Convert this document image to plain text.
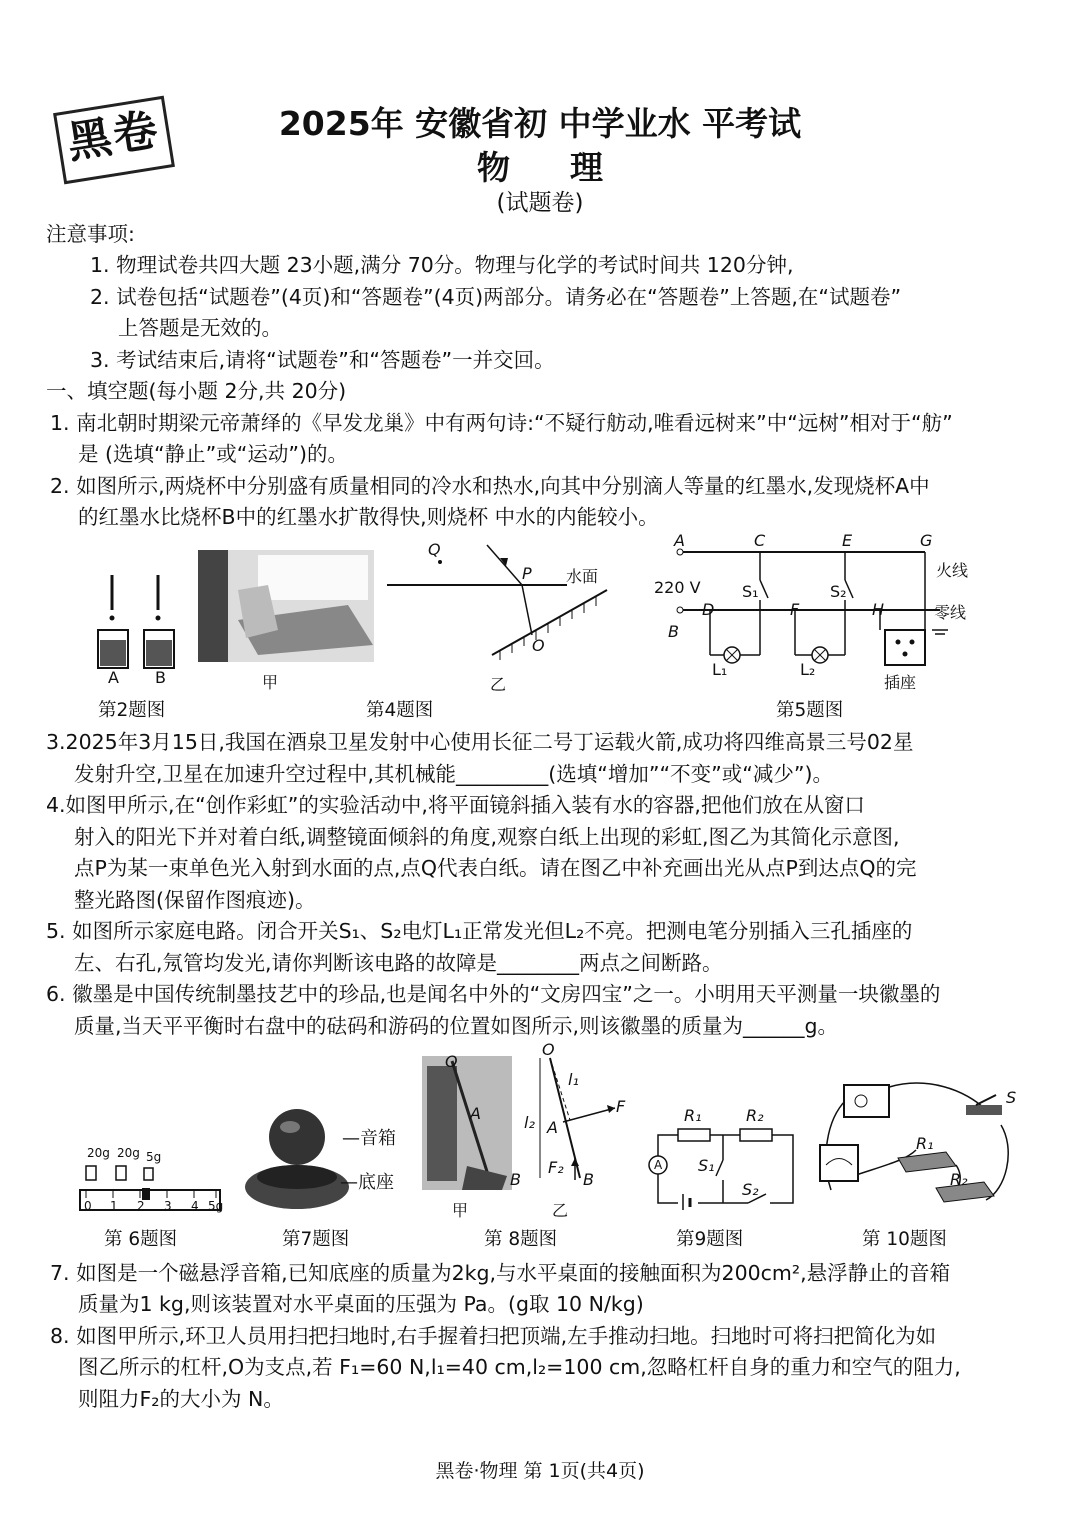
黑卷	2025年 安徽省初 中学业水 平考试
物理
(试题卷)
注意事项:
1. 物理试卷共四大题 23小题,满分 70分。物理与化学的考试时间共 120分钟,
2. 试卷包括“试题卷”(4页)和“答题卷”(4页)两部分。请务必在“答题卷”上答题,在“试题卷”
上答题是无效的。
3. 考试结束后,请将“试题卷”和“答题卷”一并交回。
一、填空题(每小题 2分,共 20分)
1. 南北朝时期梁元帝萧绎的《早发龙巢》中有两句诗:“不疑行舫动,唯看远树来”中“远树”相对于“舫”
是 (选填“静止”或“运动”)的。
2. 如图所示,两烧杯中分别盛有质量相同的冷水和热水,向其中分别滴人等量的红墨水,发现烧杯A中
的红墨水比烧杯B中的红墨水扩散得快,则烧杯 中水的内能较小。
A B
第2题图
甲
Q
P 水面
O
乙
第4题图
A	C	E	G
火线
220 V	S₁	S₂
D	F	H	零线
B
L₁	L₂
插座
第5题图
3.2025年3月15日,我国在酒泉卫星发射中心使用长征二号丁运载火箭,成功将四维高景三号02星
发射升空,卫星在加速升空过程中,其机械能_________(选填“增加”“不变”或“减少”)。
4.如图甲所示,在“创作彩虹”的实验活动中,将平面镜斜插入装有水的容器,把他们放在从窗口
射入的阳光下并对着白纸,调整镜面倾斜的角度,观察白纸上出现的彩虹,图乙为其简化示意图,
点P为某一束单色光入射到水面的点,点Q代表白纸。请在图乙中补充画出光从点P到达点Q的完
整光路图(保留作图痕迹)。
5. 如图所示家庭电路。闭合开关S₁、S₂电灯L₁正常发光但L₂不亮。把测电笔分别插入三孔插座的
左、右孔,氖管均发光,请你判断该电路的故障是________两点之间断路。
6. 徽墨是中国传统制墨技艺中的珍品,也是闻名中外的“文房四宝”之一。小明用天平测量一块徽墨的
质量,当天平平衡时右盘中的砝码和游码的位置如图所示,则该徽墨的质量为______g。
20g 20g 5g
0 1 2 3 4 5g
第 6题图
—音箱
—底座
第7题图
O
A
B
甲
O
l₁
F
l₂ A
F₂
B
乙
第 8题图
A
R₁	R₂
S₁
S₂
第9题图
S
R₁
R₂
第 10题图
7. 如图是一个磁悬浮音箱,已知底座的质量为2kg,与水平桌面的接触面积为200cm²,悬浮静止的音箱
质量为1 kg,则该装置对水平桌面的压强为 Pa。(g取 10 N/kg)
8. 如图甲所示,环卫人员用扫把扫地时,右手握着扫把顶端,左手推动扫地。扫地时可将扫把简化为如
图乙所示的杠杆,O为支点,若 F₁=60 N,l₁=40 cm,l₂=100 cm,忽略杠杆自身的重力和空气的阻力,
则阻力F₂的大小为 N。
黑卷·物理 第 1页(共4页)
